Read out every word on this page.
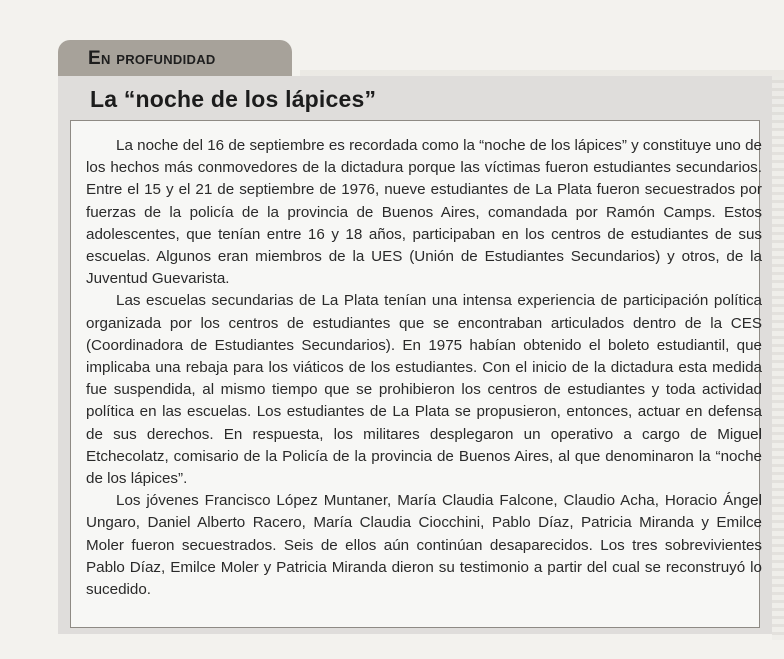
En profundidad
La “noche de los lápices”

La noche del 16 de septiembre es recordada como la “noche de los lápices” y constituye uno de los hechos más conmovedores de la dictadura porque las víctimas fueron estudiantes secundarios. Entre el 15 y el 21 de septiembre de 1976, nueve estudiantes de La Plata fueron secuestrados por fuerzas de la policía de la provincia de Buenos Aires, comandada por Ramón Camps. Estos adolescentes, que tenían entre 16 y 18 años, participaban en los centros de estudiantes de sus escuelas. Algunos eran miembros de la UES (Unión de Estudiantes Secundarios) y otros, de la Juventud Guevarista.

Las escuelas secundarias de La Plata tenían una intensa experiencia de participación política organizada por los centros de estudiantes que se encontraban articulados dentro de la CES (Coordinadora de Estudiantes Secundarios). En 1975 habían obtenido el boleto estudiantil, que implicaba una rebaja para los viáticos de los estudiantes. Con el inicio de la dictadura esta medida fue suspendida, al mismo tiempo que se prohibieron los centros de estudiantes y toda actividad política en las escuelas. Los estudiantes de La Plata se propusieron, entonces, actuar en defensa de sus derechos. En respuesta, los militares desplegaron un operativo a cargo de Miguel Etchecolatz, comisario de la Policía de la provincia de Buenos Aires, al que denominaron la “noche de los lápices”.

Los jóvenes Francisco López Muntaner, María Claudia Falcone, Claudio Acha, Horacio Ángel Ungaro, Daniel Alberto Racero, María Claudia Ciocchini, Pablo Díaz, Patricia Miranda y Emilce Moler fueron secuestrados. Seis de ellos aún continúan desaparecidos. Los tres sobrevivientes Pablo Díaz, Emilce Moler y Patricia Miranda dieron su testimonio a partir del cual se reconstruyó lo sucedido.
